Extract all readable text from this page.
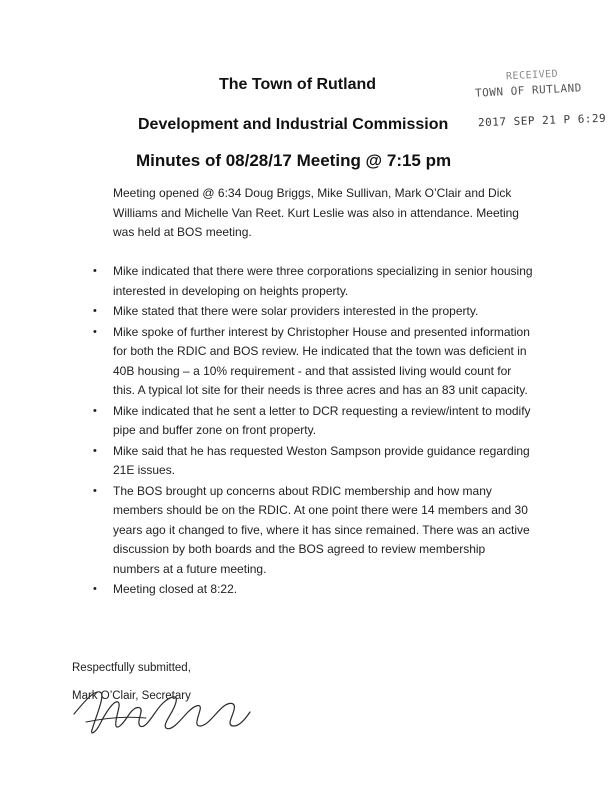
RECEIVED
TOWN OF RUTLAND
2017 SEP 21 P 6:29
The Town of Rutland
Development and Industrial Commission
Minutes of 08/28/17 Meeting @ 7:15 pm
Meeting opened @ 6:34 Doug Briggs, Mike Sullivan, Mark O’Clair and Dick Williams and Michelle Van Reet. Kurt Leslie was also in attendance. Meeting was held at BOS meeting.
• Mike indicated that there were three corporations specializing in senior housing interested in developing on heights property.
• Mike stated that there were solar providers interested in the property.
• Mike spoke of further interest by Christopher House and presented information for both the RDIC and BOS review. He indicated that the town was deficient in 40B housing – a 10% requirement - and that assisted living would count for this. A typical lot site for their needs is three acres and has an 83 unit capacity.
• Mike indicated that he sent a letter to DCR requesting a review/intent to modify pipe and buffer zone on front property.
• Mike said that he has requested Weston Sampson provide guidance regarding 21E issues.
• The BOS brought up concerns about RDIC membership and how many members should be on the RDIC. At one point there were 14 members and 30 years ago it changed to five, where it has since remained. There was an active discussion by both boards and the BOS agreed to review membership numbers at a future meeting.
• Meeting closed at 8:22.
Respectfully submitted,
Mark O’Clair, Secretary
